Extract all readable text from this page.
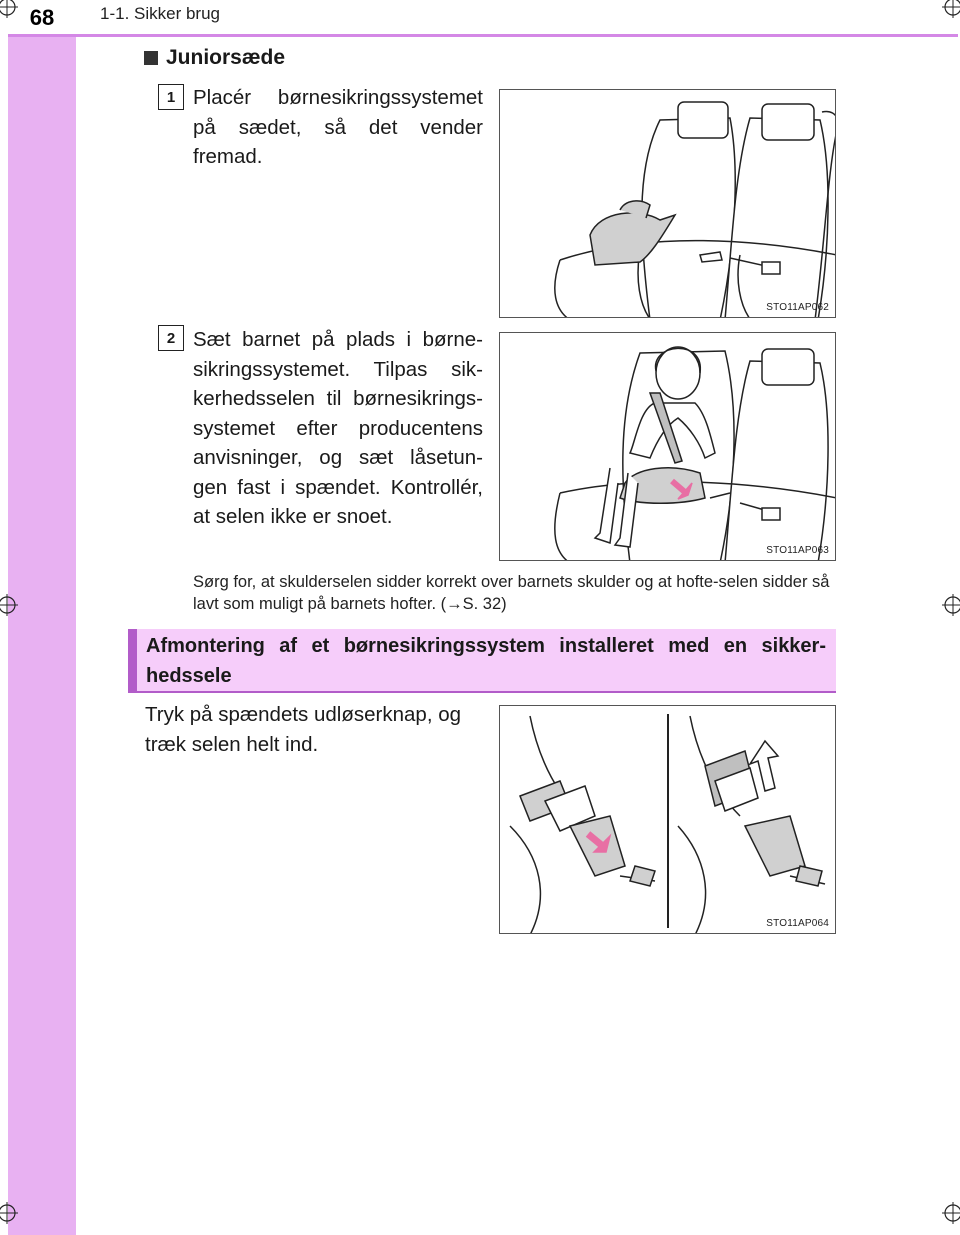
68	1-1. Sikker brug
Juniorsæde
1 Placér børnesikringssystemet på sædet, så det vender fremad.
STO11AP062
2 Sæt barnet på plads i børne-sikringssystemet. Tilpas sik-kerhedsselen til børnesikrings-systemet efter producentens anvisninger, og sæt låsetun-gen fast i spændet. Kontrollér, at selen ikke er snoet.
STO11AP063
Sørg for, at skulderselen sidder korrekt over barnets skulder og at hofte-selen sidder så lavt som muligt på barnets hofter. (→S. 32)
Afmontering af et børnesikringssystem installeret med en sikker-hedssele
Tryk på spændets udløserknap, og træk selen helt ind.
STO11AP064
